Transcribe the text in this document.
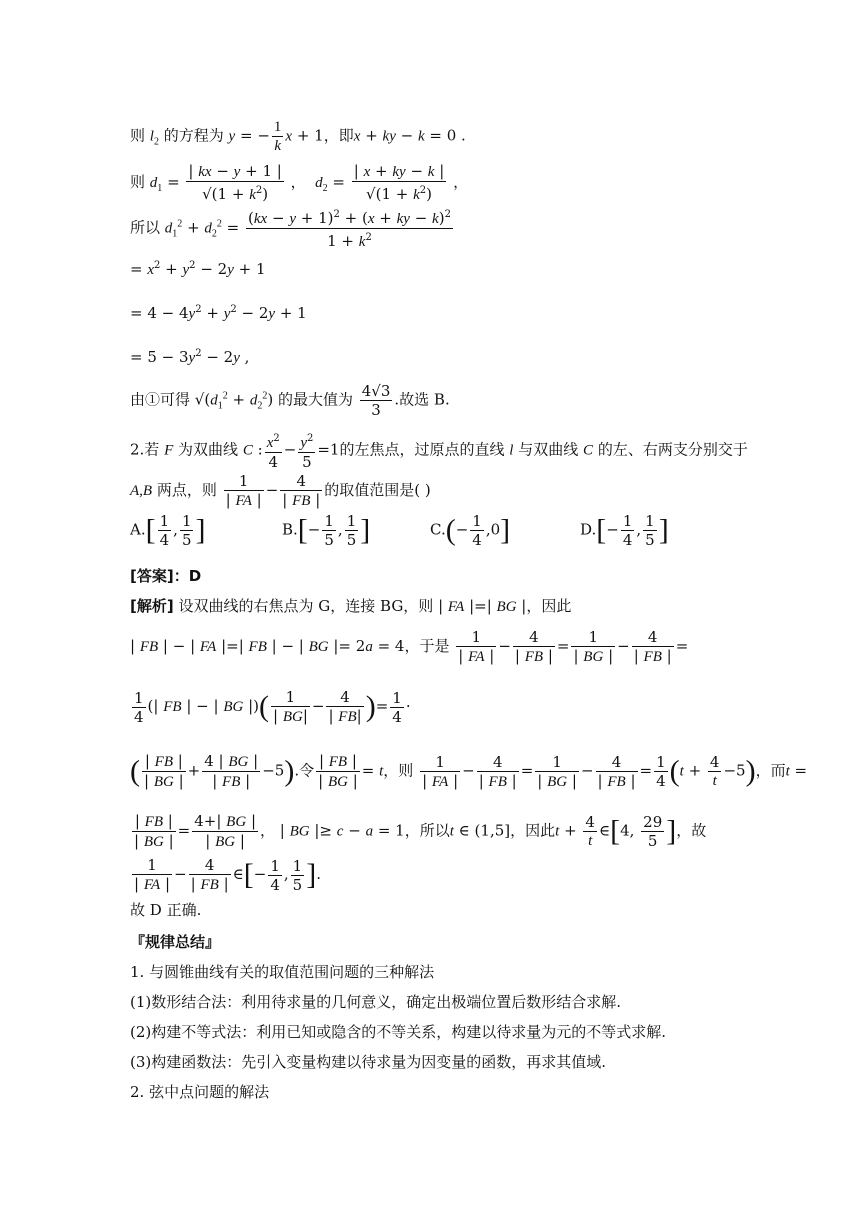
则 $l_2$ 的方程为 y = − $\frac{1}{k}$ x + 1，即x + ky − k = 0 .
则 $d_1 = \frac{| kx - y + 1 |}{√(1 + k^2)}$ ，  $d_2 = \frac{| x + ky - k |}{√(1 + k^2)}$ ，
所以 $d_1^2 + d_2^2 = \frac{(kx - y + 1)^2 + (x + ky - k)^2}{1 + k^2}$
= $x^2 + y^2 - 2y + 1$
= $4 - 4y^2 + y^2 - 2y + 1$
= $5 - 3y^2 - 2y$ ,
由①可得 $√(d_1^2 + d_2^2)$ 的最大值为 $\frac{4√3}{3}$ .故选 B.
2.若 F 为双曲线 C : $\frac{x^2}{4} - \frac{y^2}{5} =1$的左焦点，过原点的直线 l 与双曲线 C 的左、右两支分别交于
A,B 两点，则 $\frac{1}{| FA |} - \frac{4}{| FB |}$ 的取值范围是( )
$A.[ \frac{1}{4}$ , $\frac{1}{5}$ ]	$B.[- \frac{1}{5}$ , $\frac{1}{5}$ ]	$C.(- \frac{1}{4} ,0]$	$D.[- \frac{1}{4}$ , $\frac{1}{5}$ ]
[答案]：D
[解析] 设双曲线的右焦点为 G，连接 BG，则 | FA |=| BG |，因此
| FB | − | FA |=| FB | − | BG |= 2a = 4，于是 $\frac{1}{| FA |} - \frac{4}{| FB |} = \frac{1}{| BG |} - \frac{4}{| FB |}$ =
$\frac{1}{4}$ (| FB | − | BG |)( $\frac{1}{| BG|} - \frac{4}{| FB|}$ )= $\frac{1}{4}$ ·
( $\frac{| FB |}{| BG |} + \frac{4 | BG |}{| FB |} -5$).令 $\frac{| FB |}{| BG |} = t$，则 $\frac{1}{| FA |} - \frac{4}{| FB |} = \frac{1}{| BG |} - \frac{4}{| FB |} = \frac{1}{4} (t + \frac{4}{t} -5)$，而t =
$\frac{| FB |}{| BG |} = \frac{4+| BG |}{| BG |}$ ， | BG |≥ c − a = 1，所以t ∈ (1,5]，因此$t + \frac{4}{t}$ ∈[4, $\frac{29}{5}$ ]，故
$\frac{1}{| FA |} - \frac{4}{| FB |}$ ∈[− $\frac{1}{4}$ , $\frac{1}{5}$ ].
故 D 正确.
『规律总结』
1. 与圆锥曲线有关的取值范围问题的三种解法
(1)数形结合法：利用待求量的几何意义，确定出极端位置后数形结合求解.
(2)构建不等式法：利用已知或隐含的不等关系，构建以待求量为元的不等式求解.
(3)构建函数法：先引入变量构建以待求量为因变量的函数，再求其值域.
2. 弦中点问题的解法
